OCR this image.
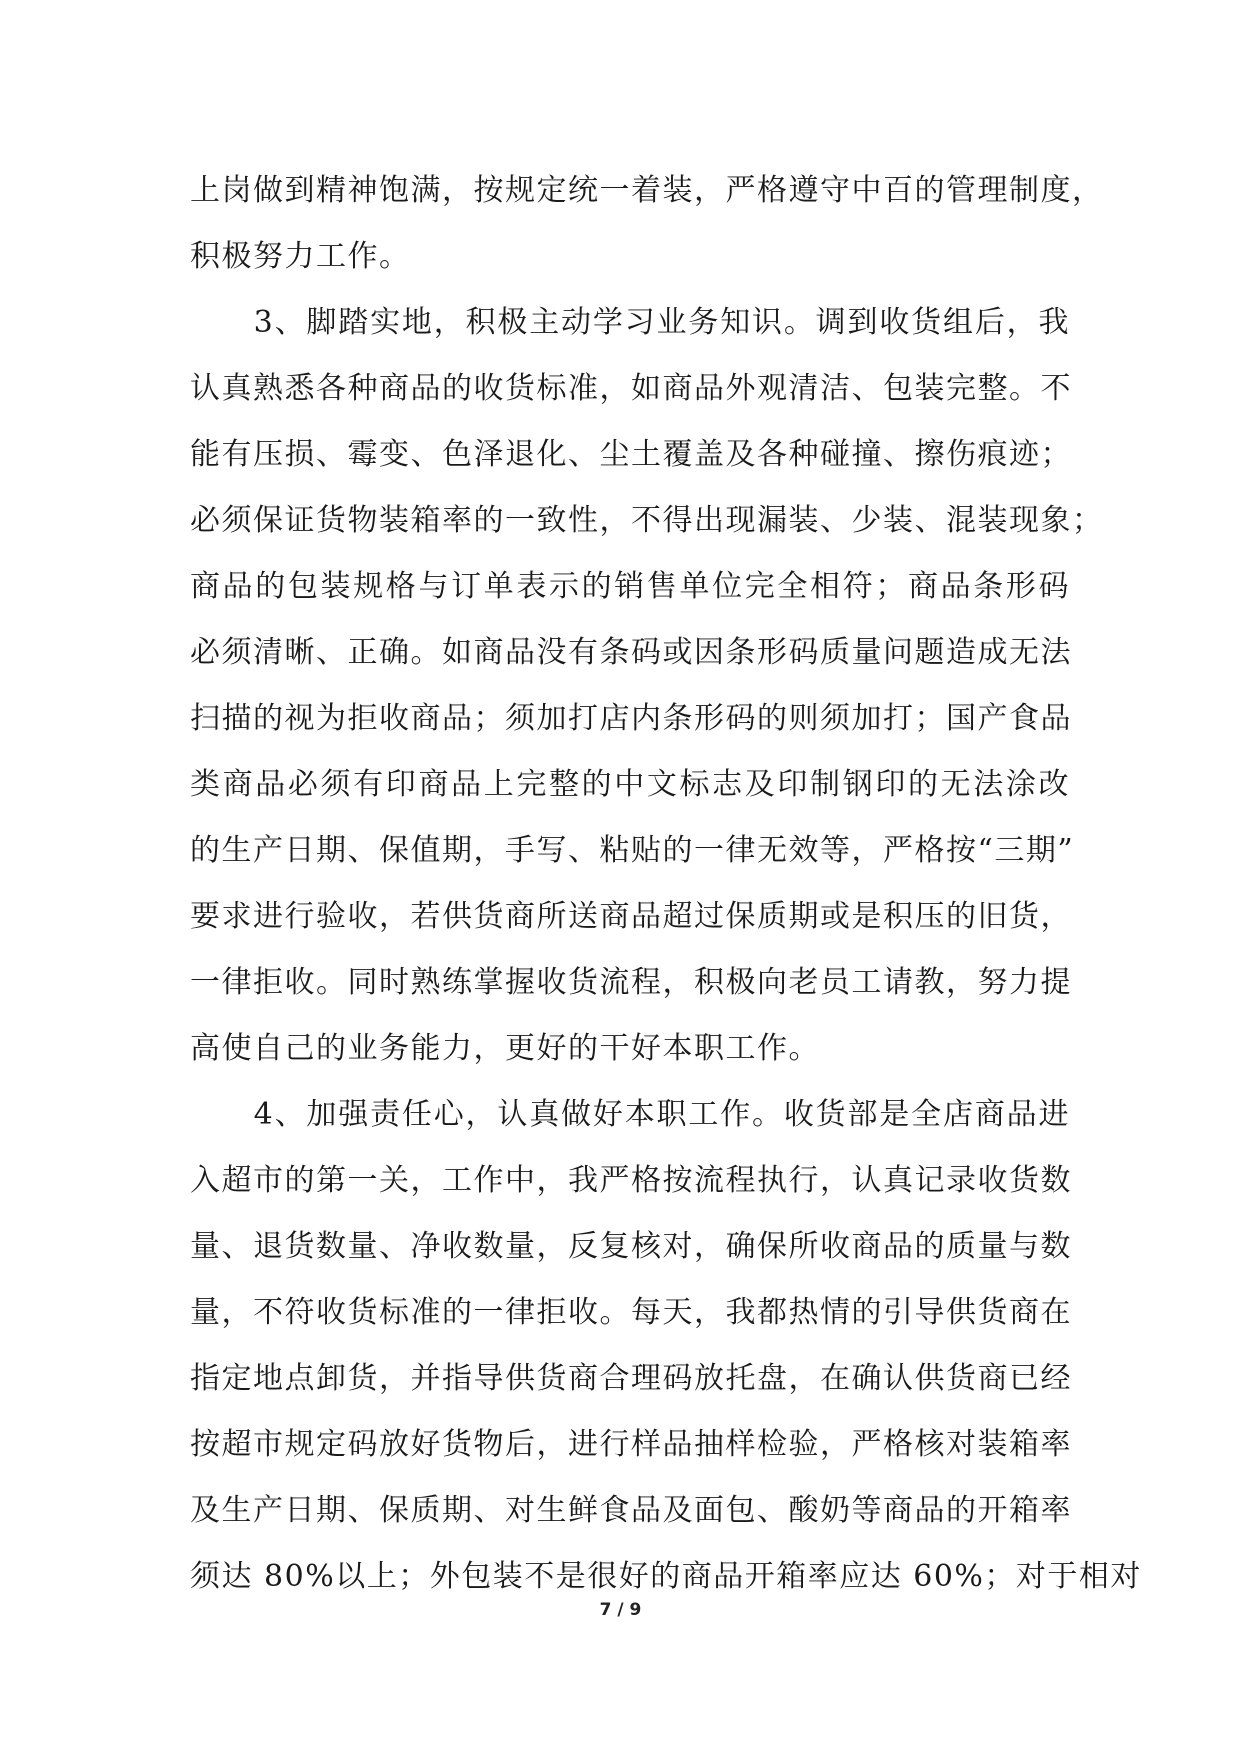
上岗做到精神饱满，按规定统一着装，严格遵守中百的管理制度，
积极努力工作。
　　3、脚踏实地，积极主动学习业务知识。调到收货组后，我
认真熟悉各种商品的收货标准，如商品外观清洁、包装完整。不
能有压损、霉变、色泽退化、尘土覆盖及各种碰撞、擦伤痕迹；
必须保证货物装箱率的一致性，不得出现漏装、少装、混装现象；
商品的包装规格与订单表示的销售单位完全相符；商品条形码
必须清晰、正确。如商品没有条码或因条形码质量问题造成无法
扫描的视为拒收商品；须加打店内条形码的则须加打；国产食品
类商品必须有印商品上完整的中文标志及印制钢印的无法涂改
的生产日期、保值期，手写、粘贴的一律无效等，严格按“三期”
要求进行验收，若供货商所送商品超过保质期或是积压的旧货，
一律拒收。同时熟练掌握收货流程，积极向老员工请教，努力提
高使自己的业务能力，更好的干好本职工作。
　　4、加强责任心，认真做好本职工作。收货部是全店商品进
入超市的第一关，工作中，我严格按流程执行，认真记录收货数
量、退货数量、净收数量，反复核对，确保所收商品的质量与数
量，不符收货标准的一律拒收。每天，我都热情的引导供货商在
指定地点卸货，并指导供货商合理码放托盘，在确认供货商已经
按超市规定码放好货物后，进行样品抽样检验，严格核对装箱率
及生产日期、保质期、对生鲜食品及面包、酸奶等商品的开箱率
须达 80%以上；外包装不是很好的商品开箱率应达 60%；对于相对
7 / 9
